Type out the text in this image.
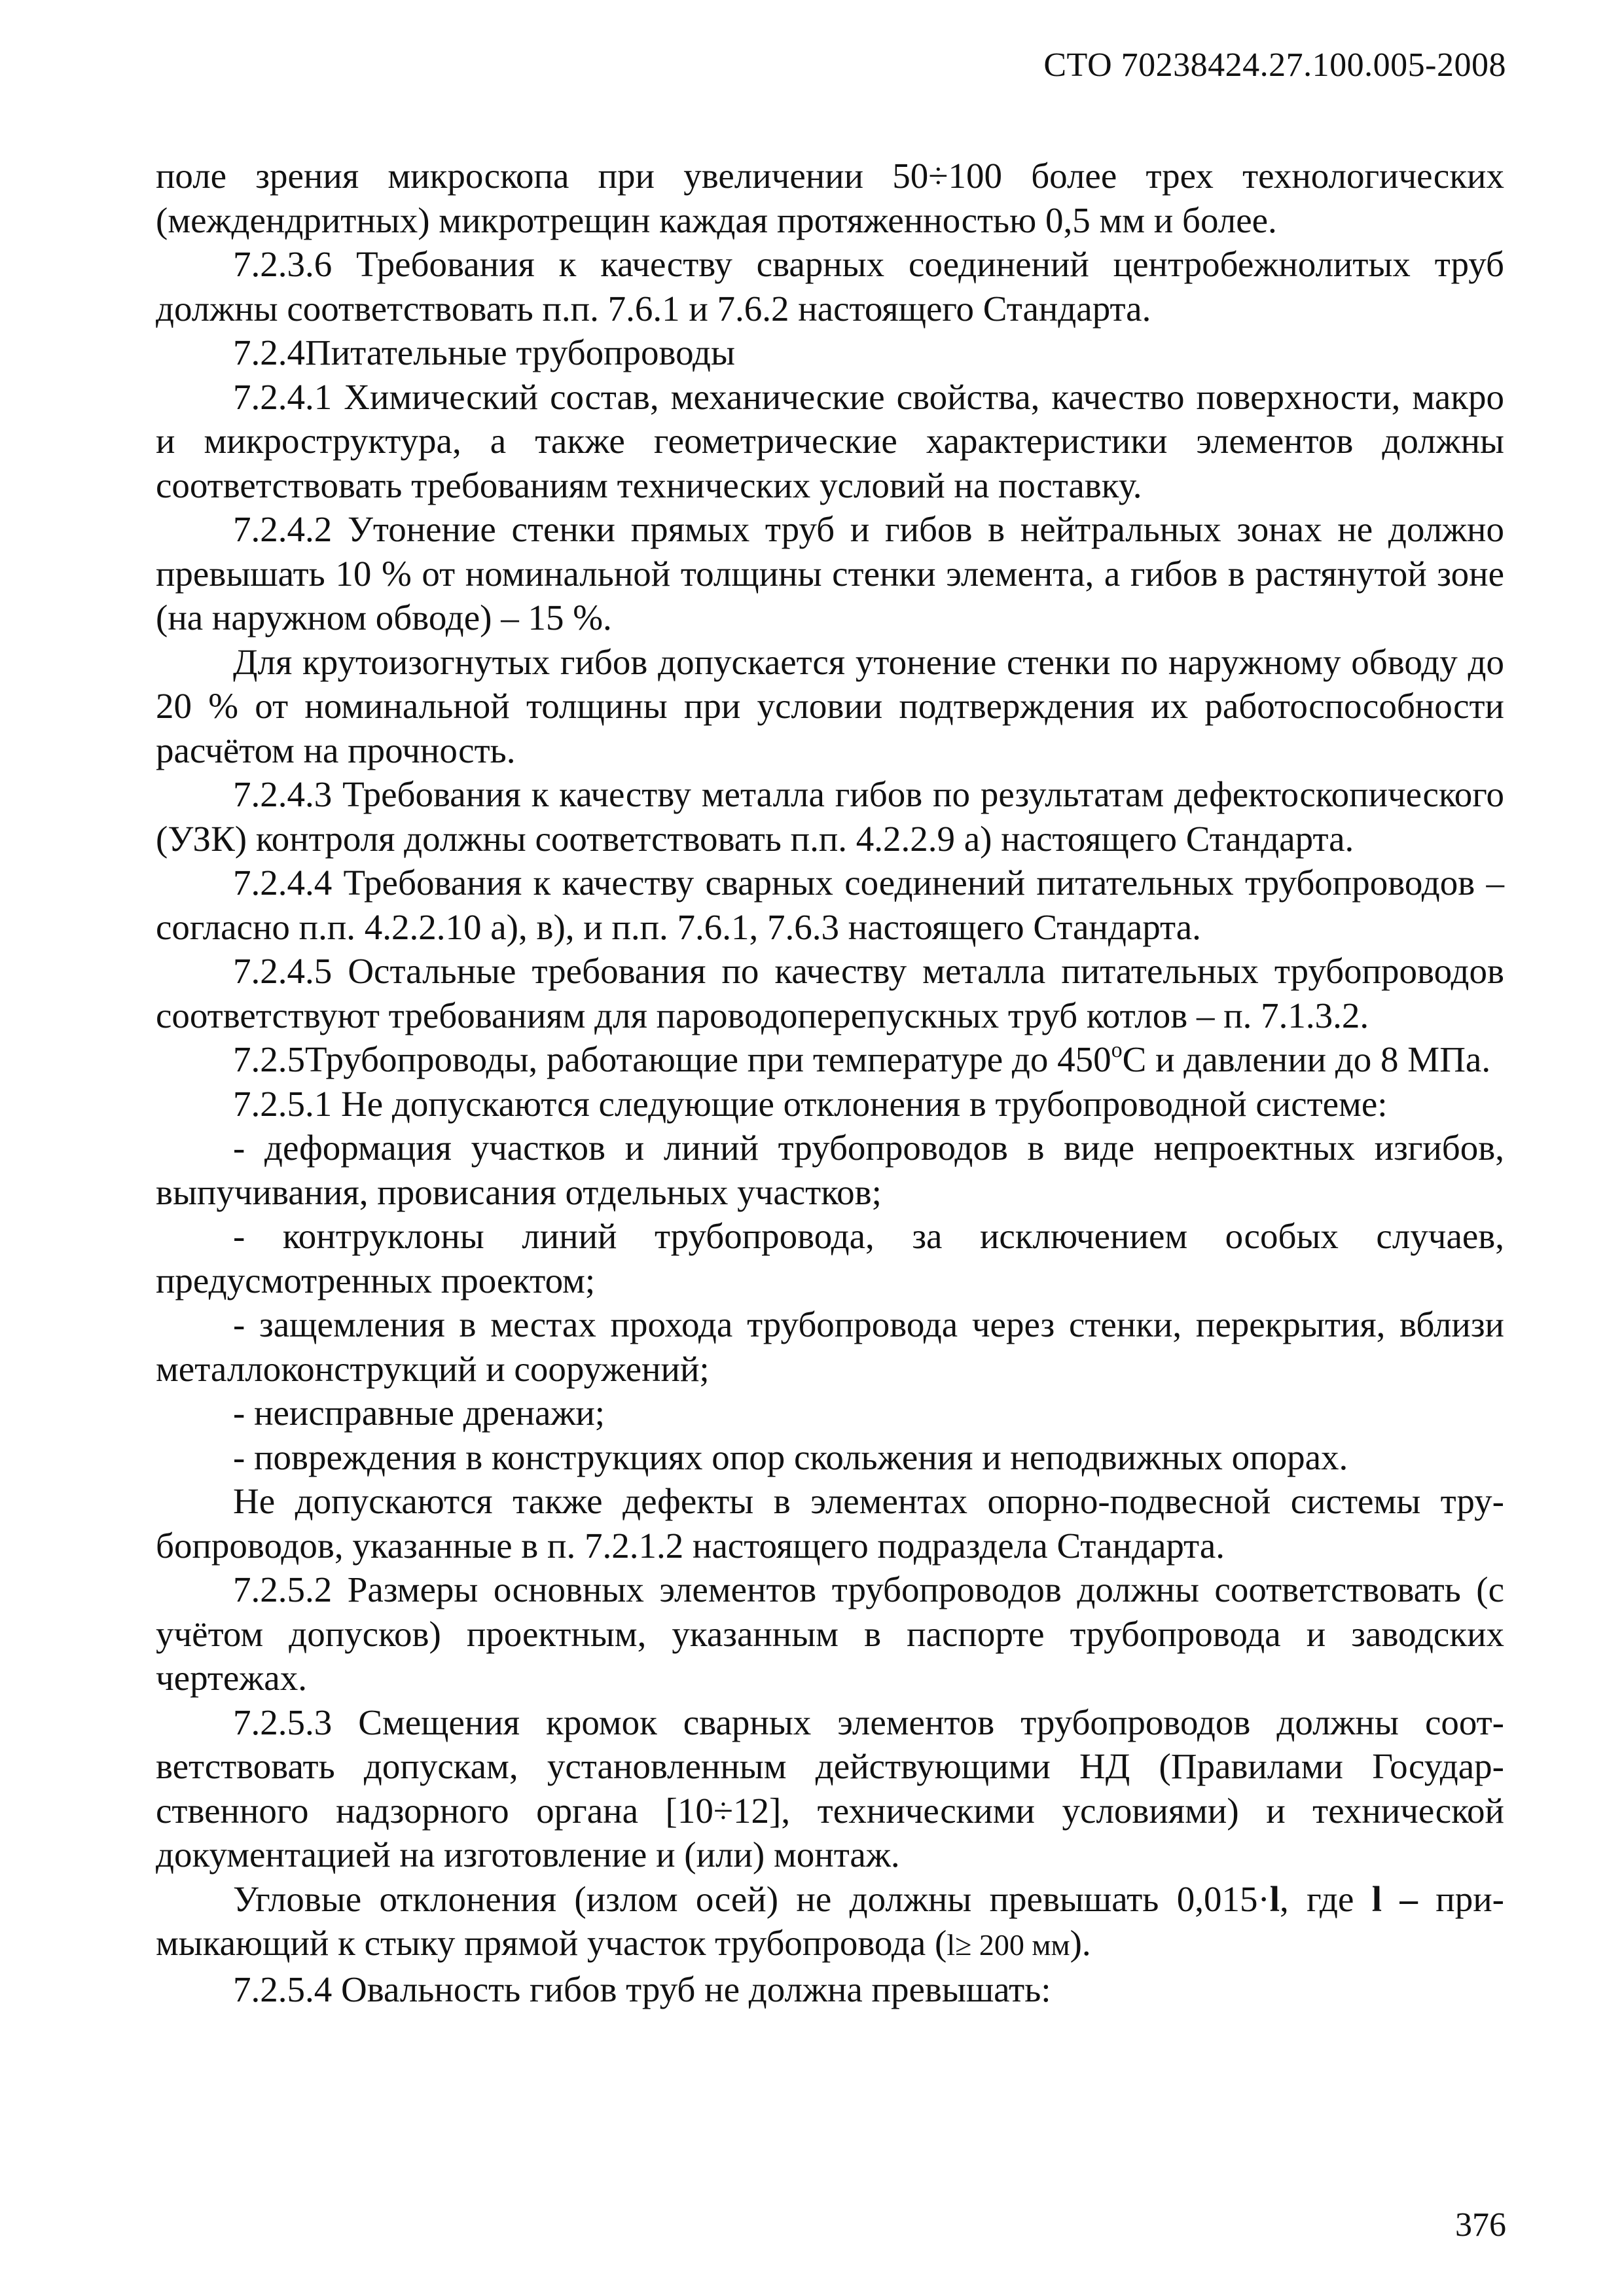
СТО 70238424.27.100.005-2008

поле зрения микроскопа при увеличении 50÷100 более трех технологических (междендритных) микротрещин каждая протяженностью 0,5 мм и более.

7.2.3.6 Требования к качеству сварных соединений центробежнолитых труб должны соответствовать п.п. 7.6.1 и 7.6.2 настоящего Стандарта.

7.2.4Питательные трубопроводы

7.2.4.1 Химический состав, механические свойства, качество поверхности, макро и микроструктура, а также геометрические характеристики элементов должны соответствовать требованиям технических условий на поставку.

7.2.4.2 Утонение стенки прямых труб и гибов в нейтральных зонах не должно превышать 10 % от номинальной толщины стенки элемента, а гибов в растянутой зоне (на наружном обводе) – 15 %.

Для крутоизогнутых гибов допускается утонение стенки по наружному обводу до 20 % от номинальной толщины при условии подтверждения их работоспособности расчётом на прочность.

7.2.4.3 Требования к качеству металла гибов по результатам дефектоскопического (УЗК) контроля должны соответствовать п.п. 4.2.2.9 а) настоящего Стандарта.

7.2.4.4 Требования к качеству сварных соединений питательных трубопроводов – согласно п.п. 4.2.2.10 а), в), и п.п. 7.6.1, 7.6.3 настоящего Стандарта.

7.2.4.5 Остальные требования по качеству металла питательных трубопроводов соответствуют требованиям для пароводоперепускных труб котлов – п. 7.1.3.2.

7.2.5Трубопроводы, работающие при температуре до 450$^o$С и давлении до 8 МПа.

7.2.5.1 Не допускаются следующие отклонения в трубопроводной системе:

- деформация участков и линий трубопроводов в виде непроектных изгибов, выпучивания, провисания отдельных участков;

- контруклоны линий трубопровода, за исключением особых случаев, предусмотренных проектом;

- защемления в местах прохода трубопровода через стенки, перекрытия, вблизи металлоконструкций и сооружений;

- неисправные дренажи;

- повреждения в конструкциях опор скольжения и неподвижных опорах.

Не допускаются также дефекты в элементах опорно-подвесной системы трубопроводов, указанные в п. 7.2.1.2 настоящего подраздела Стандарта.

7.2.5.2 Размеры основных элементов трубопроводов должны соответствовать (с учётом допусков) проектным, указанным в паспорте трубопровода и заводских чертежах.

7.2.5.3 Смещения кромок сварных элементов трубопроводов должны соответствовать допускам, установленным действующими НД (Правилами Государственного надзорного органа [10÷12], техническими условиями) и технической документацией на изготовление и (или) монтаж.

Угловые отклонения (излом осей) не должны превышать 0,015·l, где l – примыкающий к стыку прямой участок трубопровода (l≥ 200 мм).

7.2.5.4 Овальность гибов труб не должна превышать:

376
